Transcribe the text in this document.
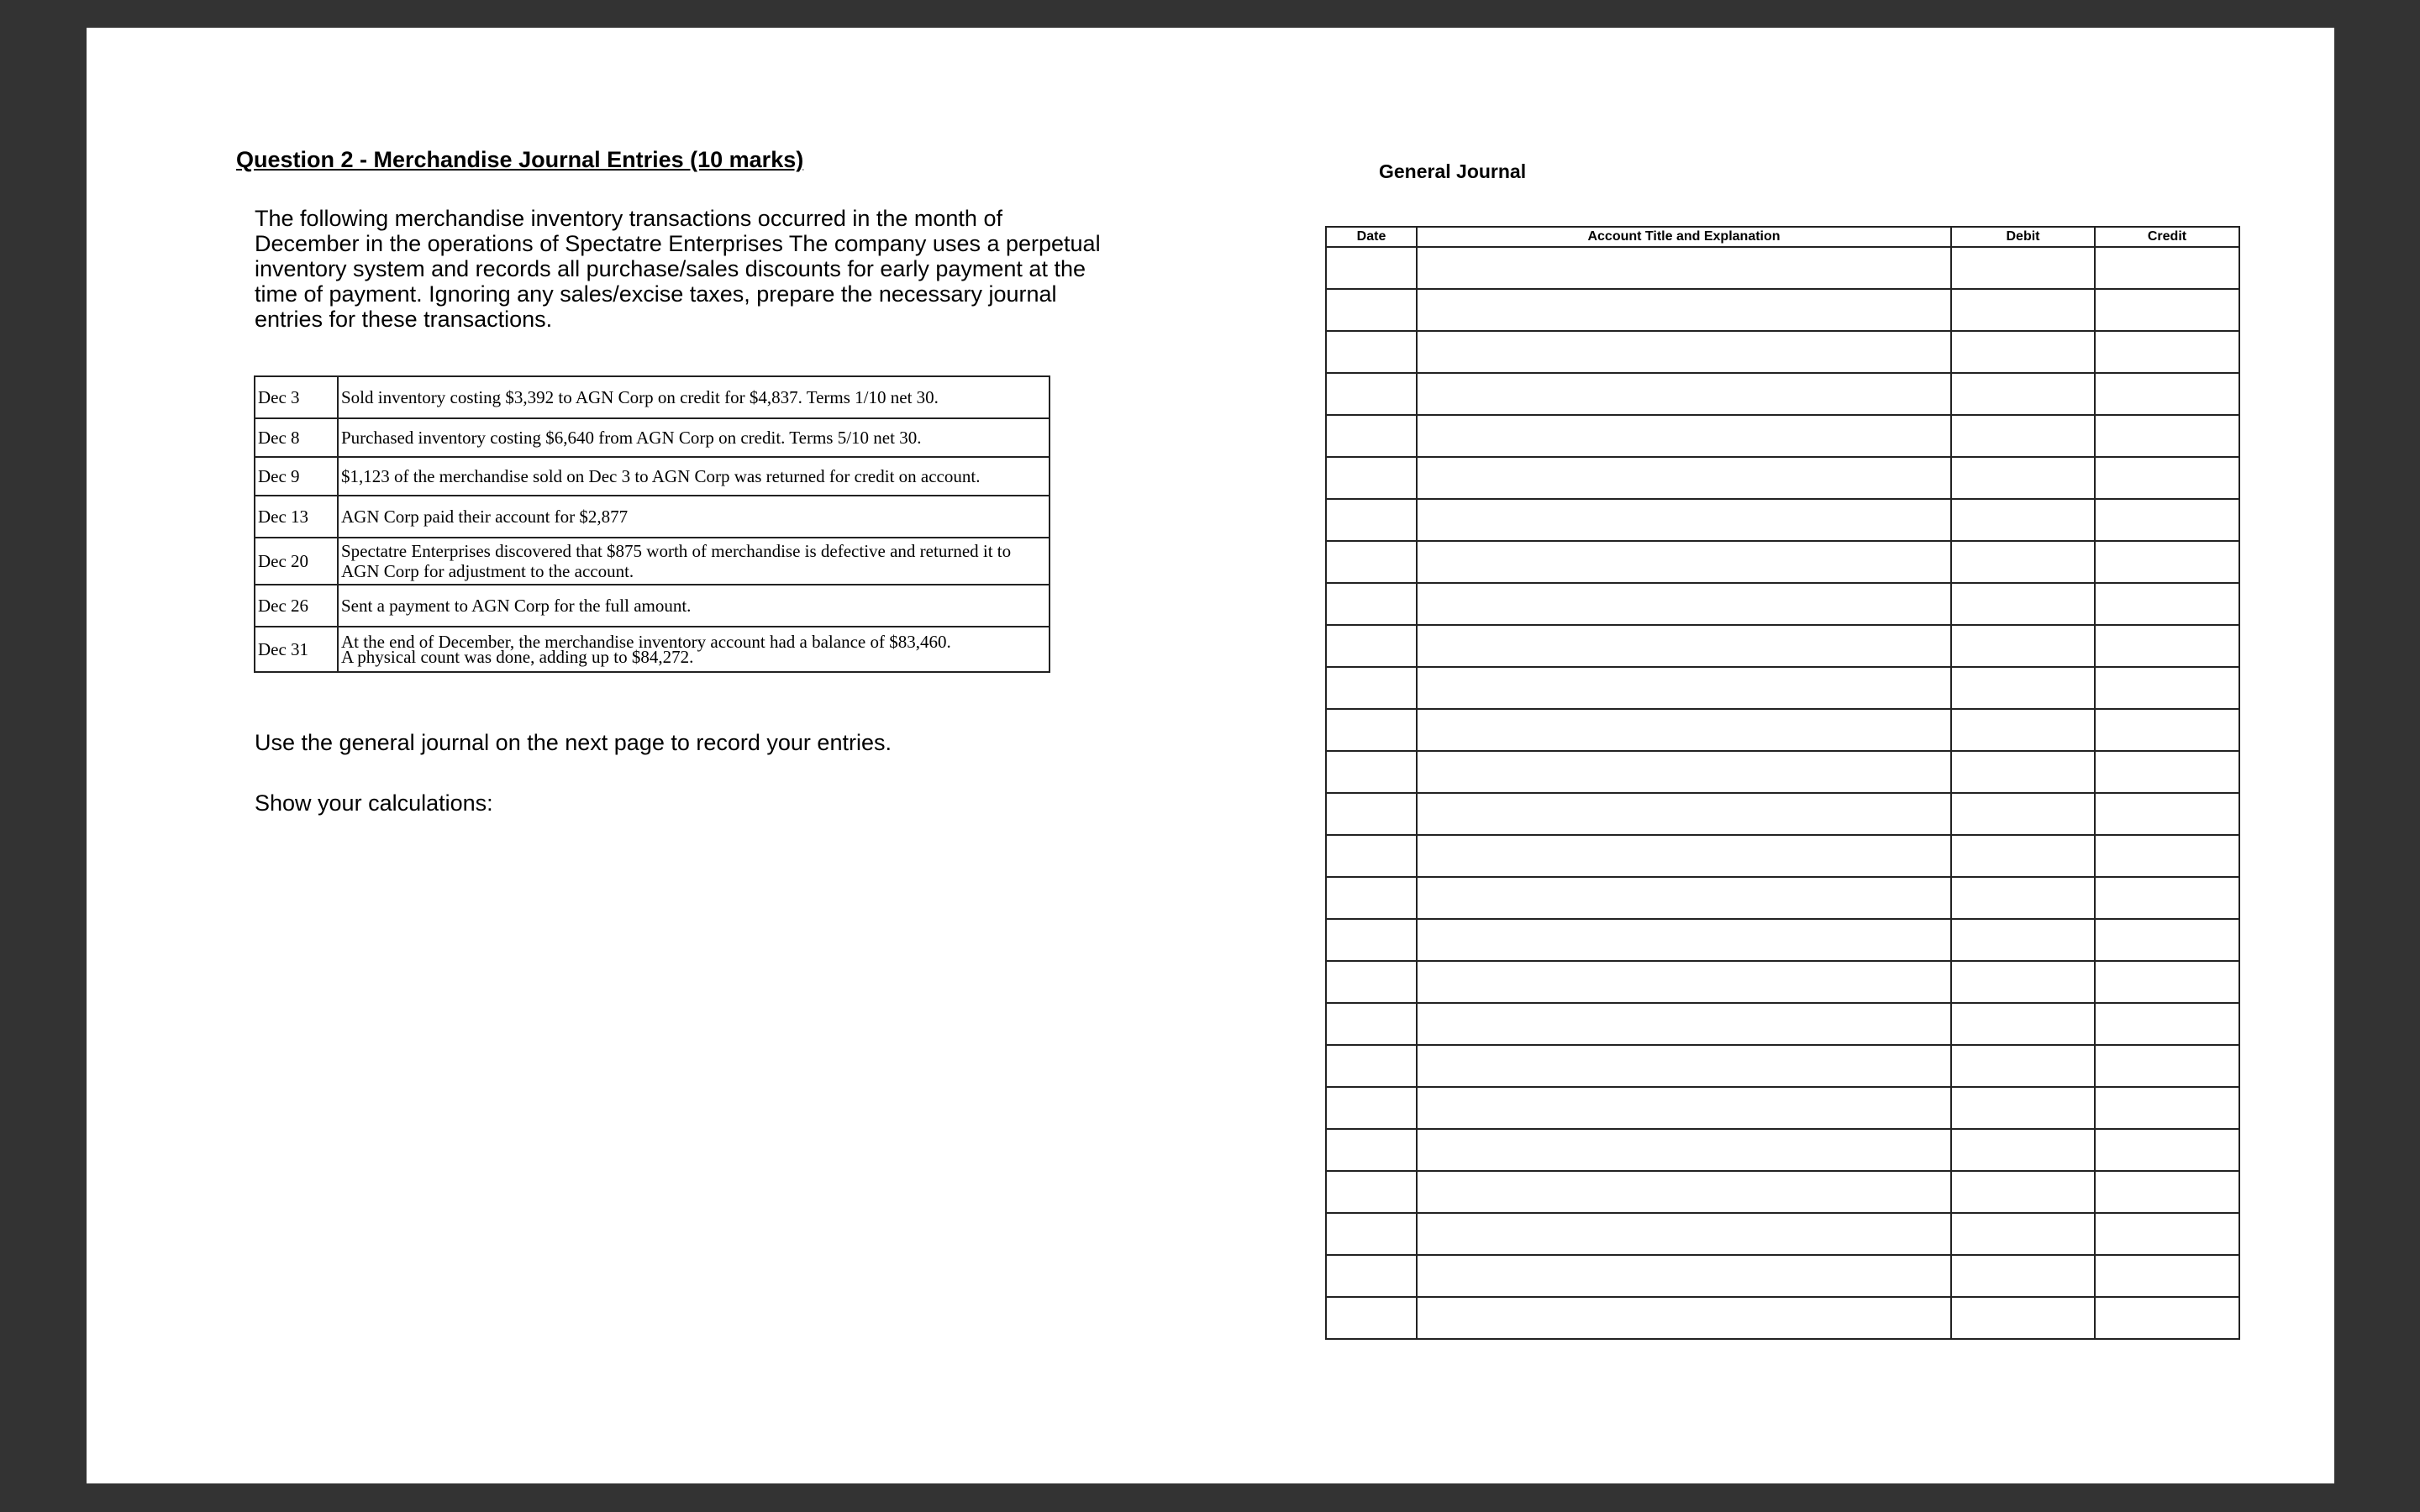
Question 2 - Merchandise Journal Entries (10 marks)

The following merchandise inventory transactions occurred in the month of December in the operations of Spectatre Enterprises The company uses a perpetual inventory system and records all purchase/sales discounts for early payment at the time of payment. Ignoring any sales/excise taxes, prepare the necessary journal entries for these transactions.

Dec 3	Sold inventory costing $3,392 to AGN Corp on credit for $4,837. Terms 1/10 net 30.
Dec 8	Purchased inventory costing $6,640 from AGN Corp on credit. Terms 5/10 net 30.
Dec 9	$1,123 of the merchandise sold on Dec 3 to AGN Corp was returned for credit on account.
Dec 13	AGN Corp paid their account for $2,877
Dec 20	Spectatre Enterprises discovered that $875 worth of merchandise is defective and returned it to AGN Corp for adjustment to the account.
Dec 26	Sent a payment to AGN Corp for the full amount.
Dec 31	At the end of December, the merchandise inventory account had a balance of $83,460.
A physical count was done, adding up to $84,272.
Use the general journal on the next page to record your entries.
Show your calculations:
General Journal
Date	Account Title and Explanation	Debit	Credit
